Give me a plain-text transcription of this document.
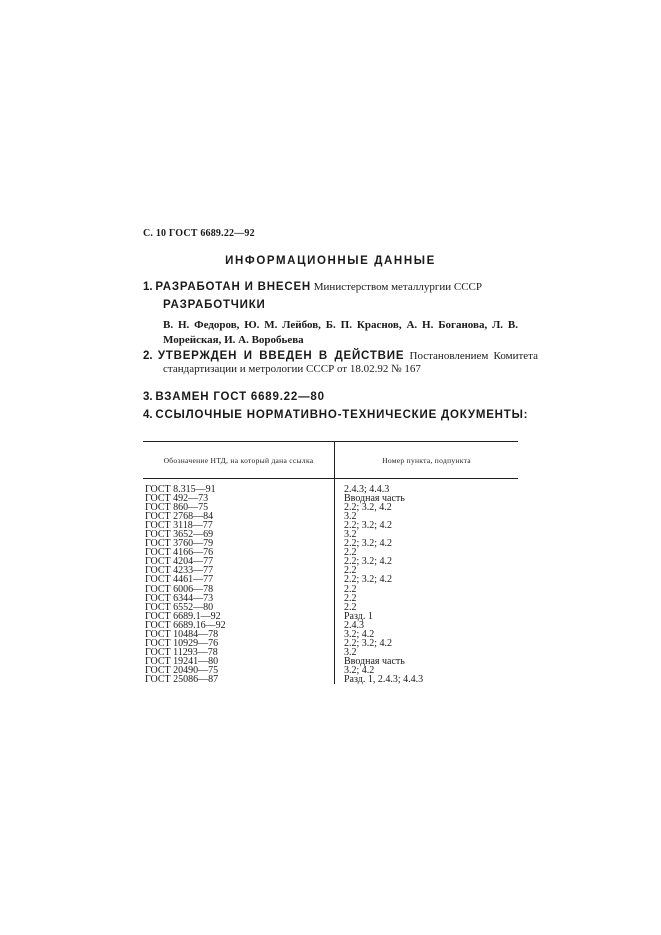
С. 10 ГОСТ 6689.22—92
ИНФОРМАЦИОННЫЕ ДАННЫЕ
1. РАЗРАБОТАН И ВНЕСЕН Министерством металлургии СССР
РАЗРАБОТЧИКИ
В. Н. Федоров, Ю. М. Лейбов, Б. П. Краснов, А. Н. Боганова, Л. В. Морейская, И. А. Воробьева
2. УТВЕРЖДЕН И ВВЕДЕН В ДЕЙСТВИЕ Постановлением Комитета стандартизации и метрологии СССР от 18.02.92 № 167
3. ВЗАМЕН ГОСТ 6689.22—80
4. ССЫЛОЧНЫЕ НОРМАТИВНО-ТЕХНИЧЕСКИЕ ДОКУМЕНТЫ:
Обозначение НТД, на который дана ссылка	Номер пункта, подпункта

ГОСТ 8.315—91	2.4.3; 4.4.3
ГОСТ 492—73	Вводная часть
ГОСТ 860—75	2.2; 3.2, 4.2
ГОСТ 2768—84	3.2
ГОСТ 3118—77	2.2; 3.2; 4.2
ГОСТ 3652—69	3.2
ГОСТ 3760—79	2.2; 3.2; 4.2
ГОСТ 4166—76	2.2
ГОСТ 4204—77	2.2; 3.2; 4.2
ГОСТ 4233—77	2.2
ГОСТ 4461—77	2.2; 3.2; 4.2
ГОСТ 6006—78	2.2
ГОСТ 6344—73	2.2
ГОСТ 6552—80	2.2
ГОСТ 6689.1—92	Разд. 1
ГОСТ 6689.16—92	2.4.3
ГОСТ 10484—78	3.2; 4.2
ГОСТ 10929—76	2.2; 3.2; 4.2
ГОСТ 11293—78	3.2
ГОСТ 19241—80	Вводная часть
ГОСТ 20490—75	3.2; 4.2
ГОСТ 25086—87	Разд. 1, 2.4.3; 4.4.3
